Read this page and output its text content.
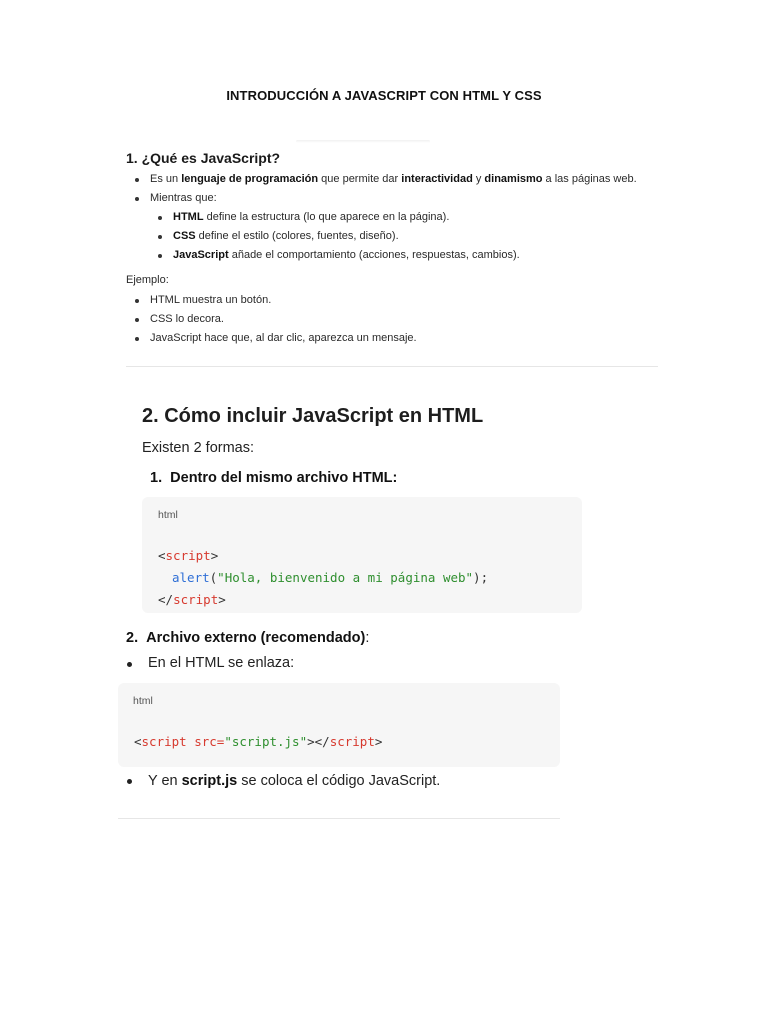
INTRODUCCIÓN A JAVASCRIPT CON HTML Y CSS
1. ¿Qué es JavaScript?
Es un lenguaje de programación que permite dar interactividad y dinamismo a las páginas web.
Mientras que:
HTML define la estructura (lo que aparece en la página).
CSS define el estilo (colores, fuentes, diseño).
JavaScript añade el comportamiento (acciones, respuestas, cambios).
Ejemplo:
HTML muestra un botón.
CSS lo decora.
JavaScript hace que, al dar clic, aparezca un mensaje.
2. Cómo incluir JavaScript en HTML
Existen 2 formas:
1. Dentro del mismo archivo HTML:
html
<script>
alert("Hola, bienvenido a mi página web");
</script>
2. Archivo externo (recomendado):
En el HTML se enlaza:
html
<script src="script.js"></script>
Y en script.js se coloca el código JavaScript.
